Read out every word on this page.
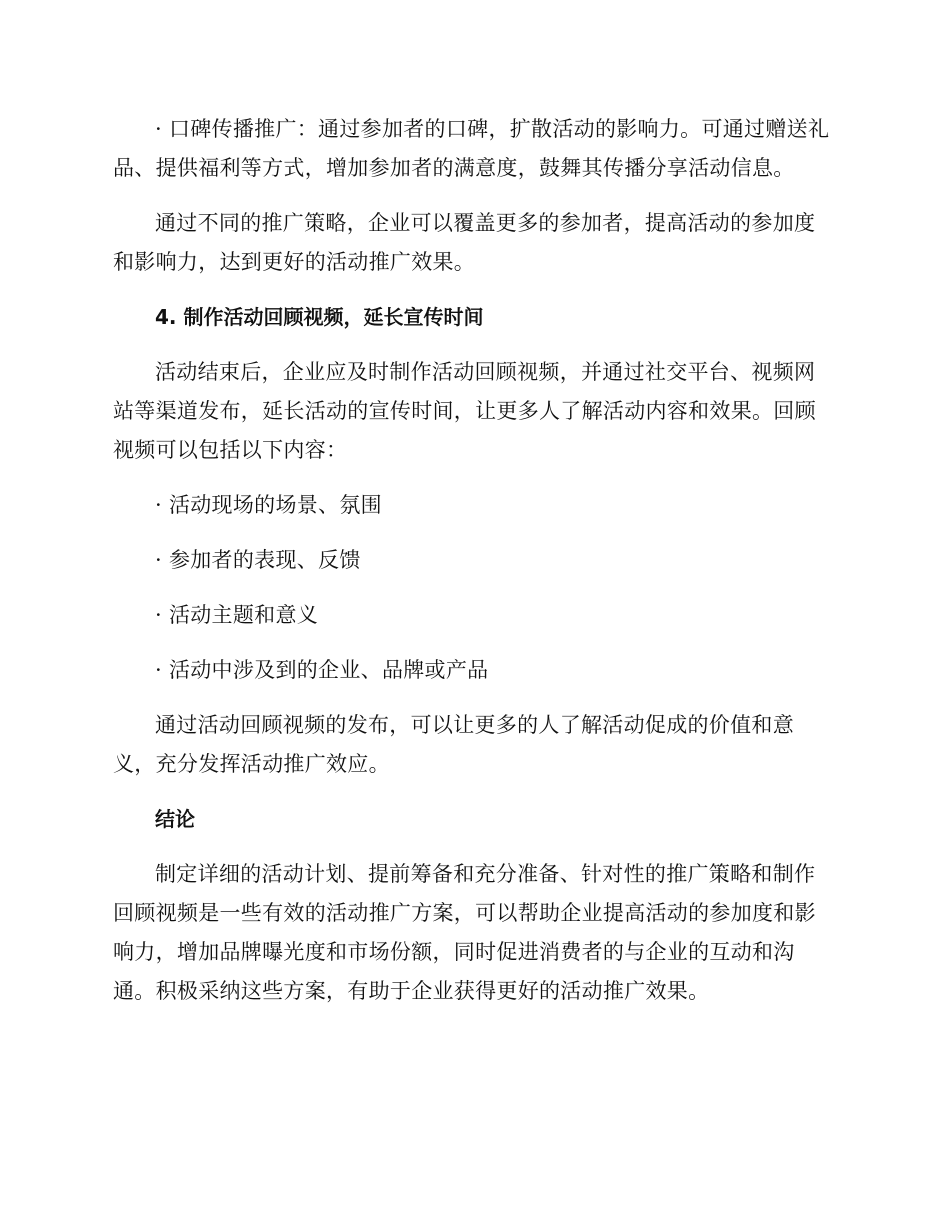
· 口碑传播推广：通过参加者的口碑，扩散活动的影响力。可通过赠送礼品、提供福利等方式，增加参加者的满意度，鼓舞其传播分享活动信息。

通过不同的推广策略，企业可以覆盖更多的参加者，提高活动的参加度和影响力，达到更好的活动推广效果。

4. 制作活动回顾视频，延长宣传时间

活动结束后，企业应及时制作活动回顾视频，并通过社交平台、视频网站等渠道发布，延长活动的宣传时间，让更多人了解活动内容和效果。回顾视频可以包括以下内容：

· 活动现场的场景、氛围

· 参加者的表现、反馈

· 活动主题和意义

· 活动中涉及到的企业、品牌或产品

通过活动回顾视频的发布，可以让更多的人了解活动促成的价值和意义，充分发挥活动推广效应。

结论

制定详细的活动计划、提前筹备和充分准备、针对性的推广策略和制作回顾视频是一些有效的活动推广方案，可以帮助企业提高活动的参加度和影响力，增加品牌曝光度和市场份额，同时促进消费者的与企业的互动和沟通。积极采纳这些方案，有助于企业获得更好的活动推广效果。
